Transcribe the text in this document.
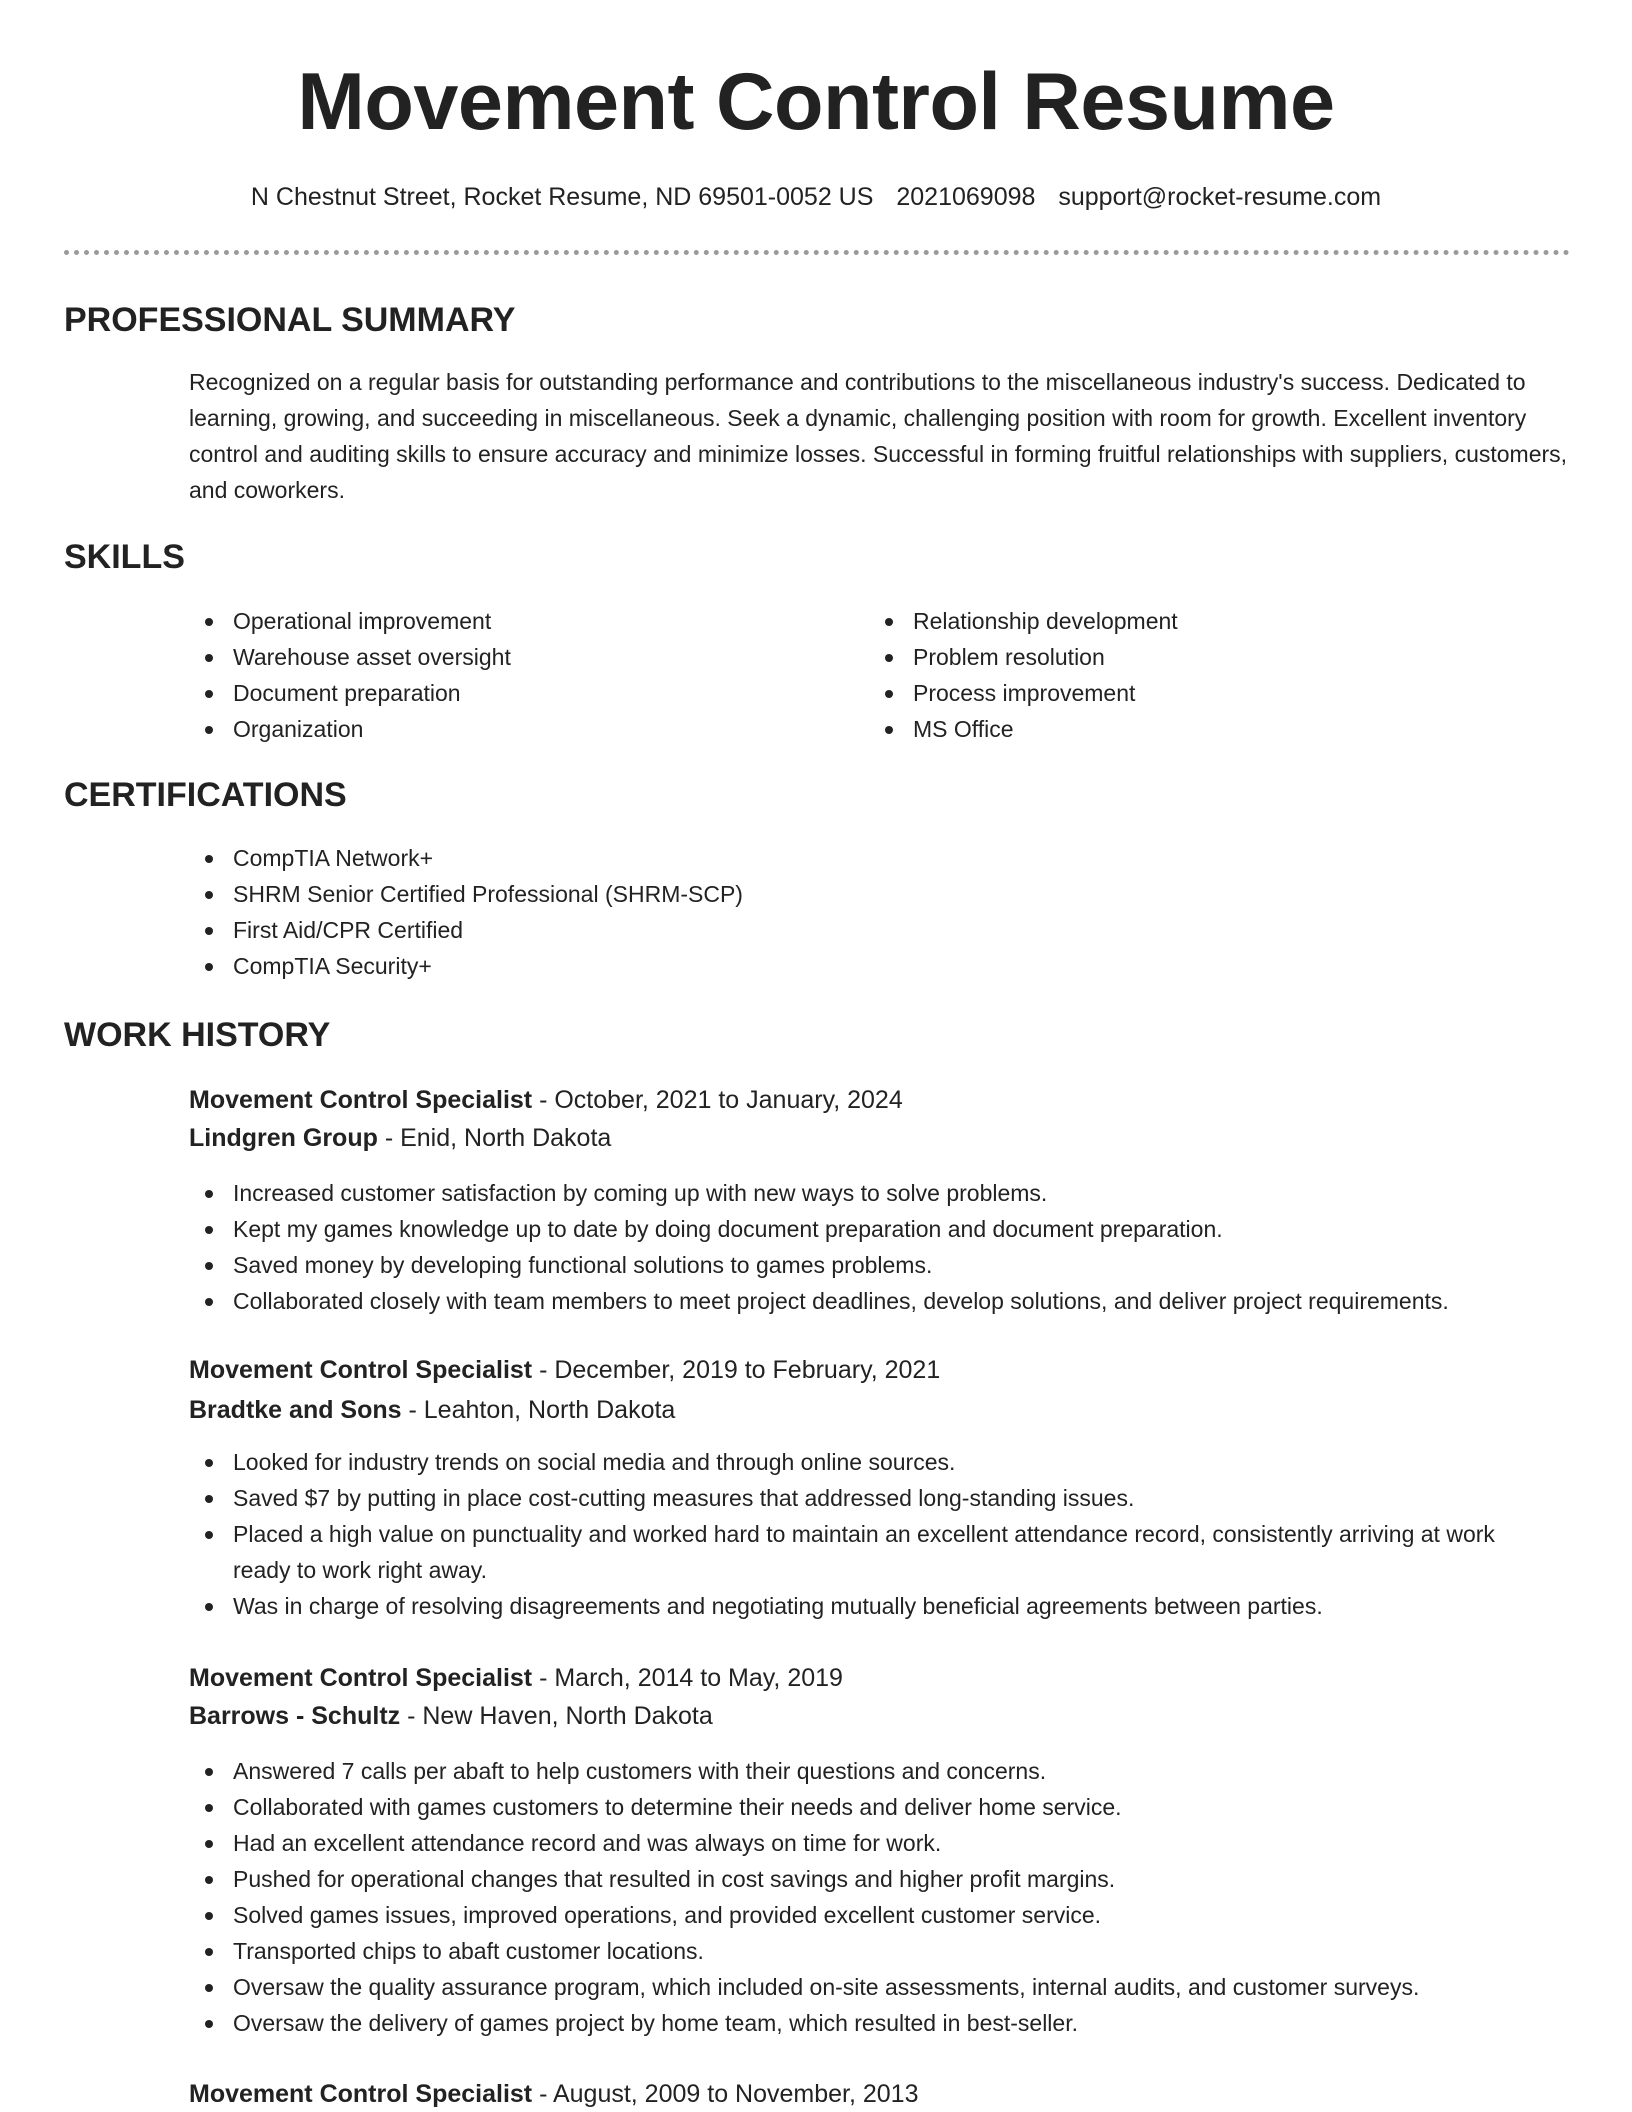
Movement Control Resume
N Chestnut Street, Rocket Resume, ND 69501-0052 US 2021069098 support@rocket-resume.com
PROFESSIONAL SUMMARY

Recognized on a regular basis for outstanding performance and contributions to the miscellaneous industry's success. Dedicated to learning, growing, and succeeding in miscellaneous. Seek a dynamic, challenging position with room for growth. Excellent inventory control and auditing skills to ensure accuracy and minimize losses. Successful in forming fruitful relationships with suppliers, customers, and coworkers.

SKILLS
Operational improvement
Warehouse asset oversight
Document preparation
Organization
Relationship development
Problem resolution
Process improvement
MS Office
CERTIFICATIONS
CompTIA Network+
SHRM Senior Certified Professional (SHRM-SCP)
First Aid/CPR Certified
CompTIA Security+
WORK HISTORY
Movement Control Specialist - October, 2021 to January, 2024
Lindgren Group - Enid, North Dakota
Increased customer satisfaction by coming up with new ways to solve problems.
Kept my games knowledge up to date by doing document preparation and document preparation.
Saved money by developing functional solutions to games problems.
Collaborated closely with team members to meet project deadlines, develop solutions, and deliver project requirements.
Movement Control Specialist - December, 2019 to February, 2021
Bradtke and Sons - Leahton, North Dakota
Looked for industry trends on social media and through online sources.
Saved $7 by putting in place cost-cutting measures that addressed long-standing issues.
Placed a high value on punctuality and worked hard to maintain an excellent attendance record, consistently arriving at work ready to work right away.
Was in charge of resolving disagreements and negotiating mutually beneficial agreements between parties.
Movement Control Specialist - March, 2014 to May, 2019
Barrows - Schultz - New Haven, North Dakota
Answered 7 calls per abaft to help customers with their questions and concerns.
Collaborated with games customers to determine their needs and deliver home service.
Had an excellent attendance record and was always on time for work.
Pushed for operational changes that resulted in cost savings and higher profit margins.
Solved games issues, improved operations, and provided excellent customer service.
Transported chips to abaft customer locations.
Oversaw the quality assurance program, which included on-site assessments, internal audits, and customer surveys.
Oversaw the delivery of games project by home team, which resulted in best-seller.
Movement Control Specialist - August, 2009 to November, 2013
